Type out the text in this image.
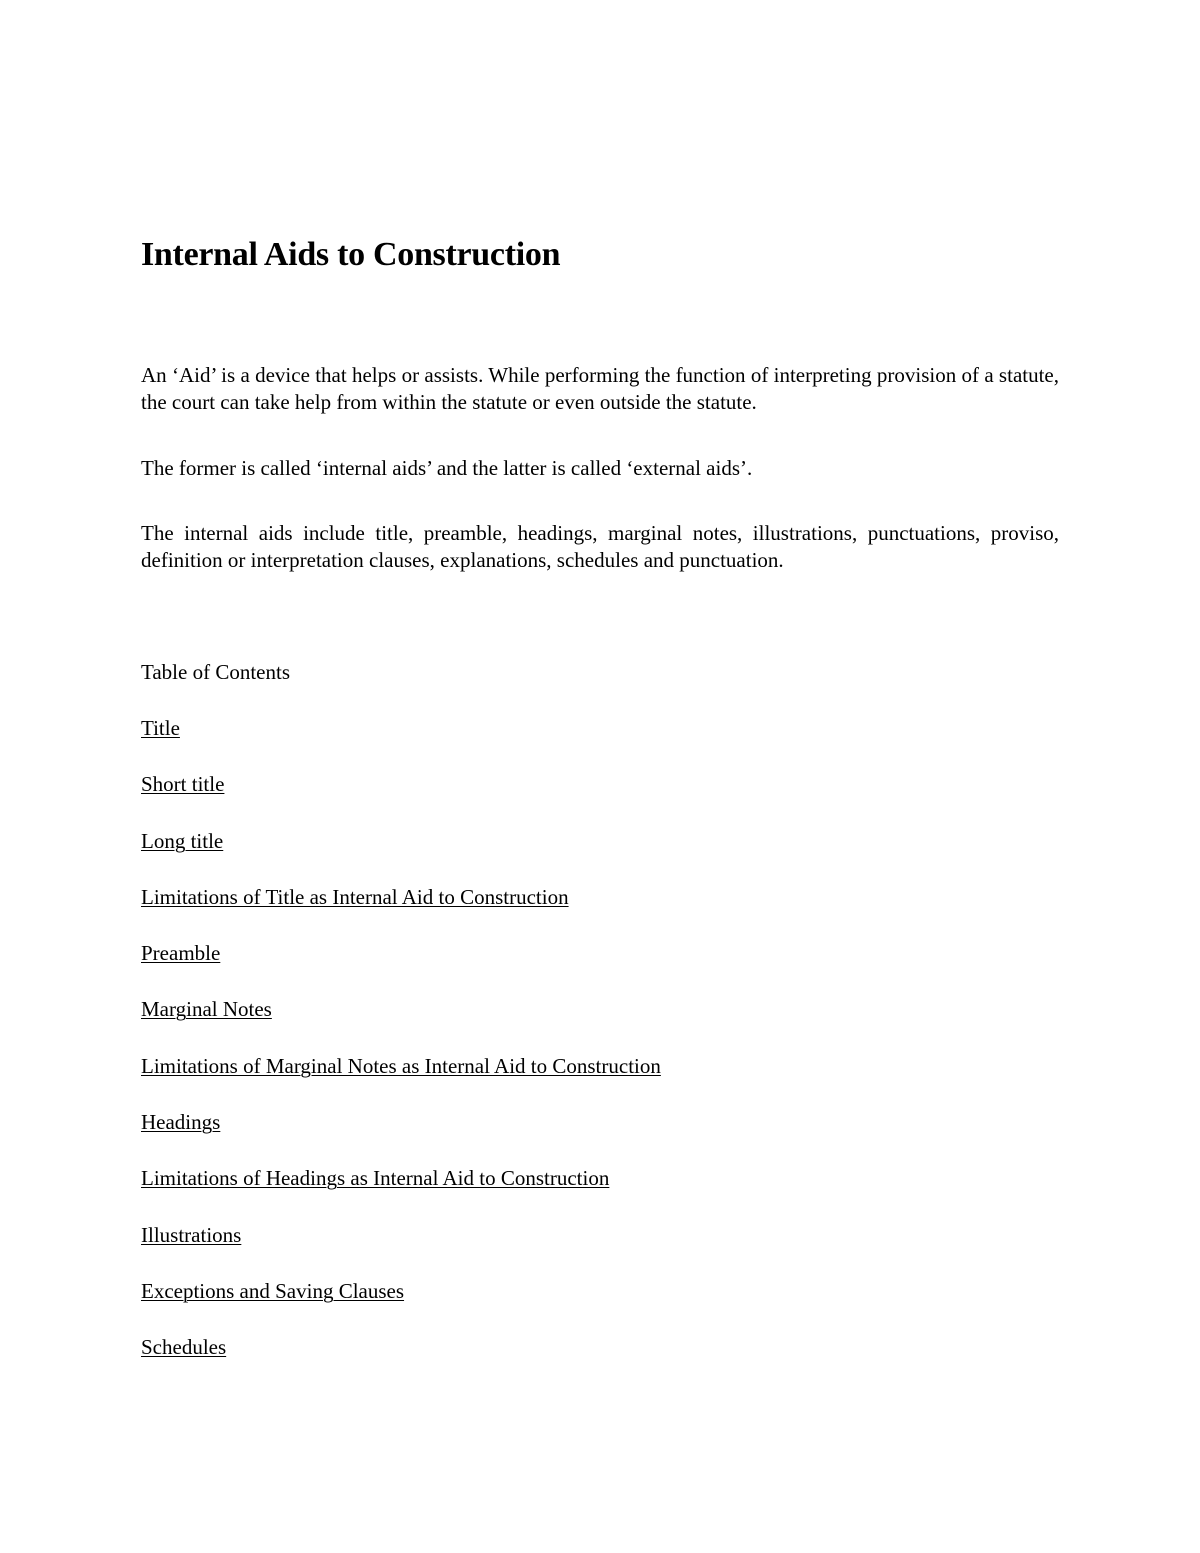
Internal Aids to Construction

An ‘Aid’ is a device that helps or assists. While performing the function of interpreting provision of a statute, the court can take help from within the statute or even outside the statute.

The former is called ‘internal aids’ and the latter is called ‘external aids’.

The internal aids include title, preamble, headings, marginal notes, illustrations, punctuations, proviso, definition or interpretation clauses, explanations, schedules and punctuation.

Table of Contents
Title
Short title
Long title
Limitations of Title as Internal Aid to Construction
Preamble
Marginal Notes
Limitations of Marginal Notes as Internal Aid to Construction
Headings
Limitations of Headings as Internal Aid to Construction
Illustrations
Exceptions and Saving Clauses
Schedules
